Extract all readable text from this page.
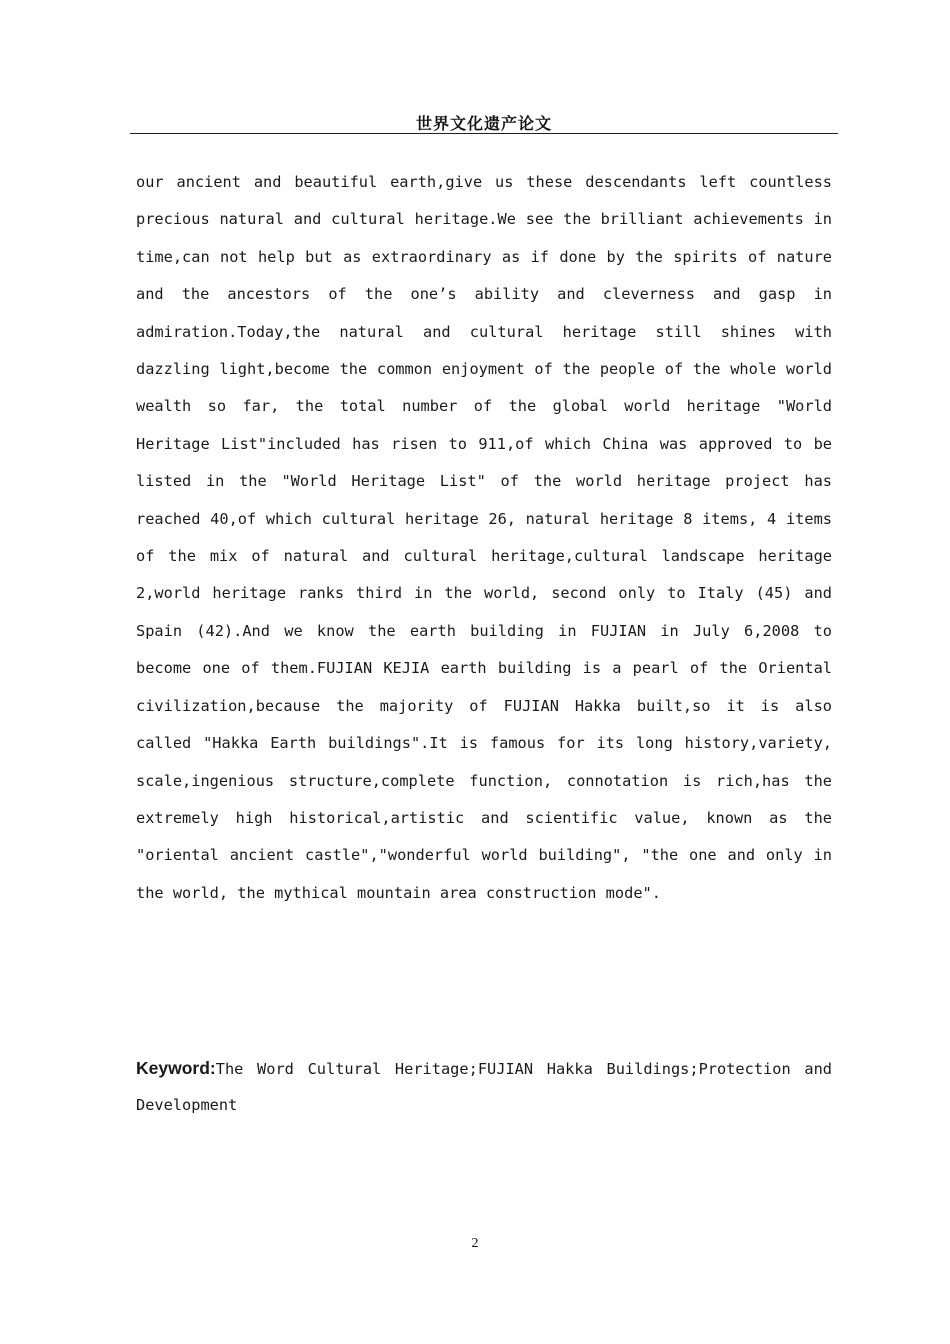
世界文化遗产论文

our ancient and beautiful earth,give us these descendants left countless precious natural and cultural heritage.We see the brilliant achievements in time,can not help but as extraordinary as if done by the spirits of nature and the ancestors of the one’s ability and cleverness and gasp in admiration.Today,the natural and cultural heritage still shines with dazzling light,become the common enjoyment of the people of the whole world wealth so far, the total number of the global world heritage "World Heritage List"included has risen to 911,of which China was approved to be listed in the "World Heritage List" of the world heritage project has reached 40,of which cultural heritage 26, natural heritage 8 items, 4 items of the mix of natural and cultural heritage,cultural landscape heritage 2,world heritage ranks third in the world, second only to Italy (45) and Spain (42).And we know the earth building in FUJIAN in July 6,2008 to become one of them.FUJIAN KEJIA earth building is a pearl of the Oriental civilization,because the majority of FUJIAN Hakka built,so it is also called "Hakka Earth buildings".It is famous for its long history,variety, scale,ingenious structure,complete function, connotation is rich,has the extremely high historical,artistic and scientific value, known as the "oriental ancient castle","wonderful world building", "the one and only in the world, the mythical mountain area construction mode".

Keyword:The Word Cultural Heritage;FUJIAN Hakka Buildings;Protection and Development
2
